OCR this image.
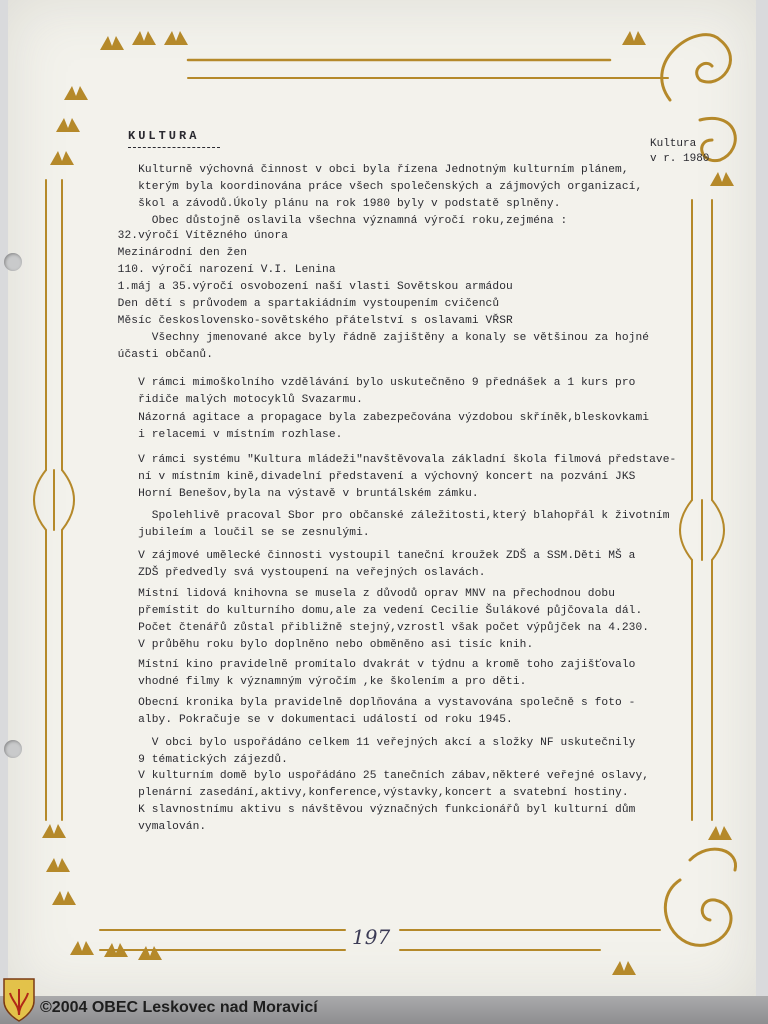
KULTURA

Kultura

v r. 1980

Kulturně výchovná činnost v obci byla řízena Jednotným kulturním plánem,

kterým byla koordinována práce všech společenských a zájmových organizací,

škol a závodů.Úkoly plánu na rok 1980 byly v podstatě splněny.

Obec důstojně oslavila všechna významná výročí roku,zejména :

32.výročí Vítězného února

Mezinárodní den žen

110. výročí narození V.I. Lenina

1.máj a 35.výročí osvobození naší vlasti Sovětskou armádou

Den dětí s průvodem a spartakiádním vystoupením cvičenců

Měsíc československo-sovětského přátelství s oslavami VŘSR

Všechny jmenované akce byly řádně zajištěny a konaly se většinou za hojné

účasti občanů.

V rámci mimoškolního vzdělávání bylo uskutečněno 9 přednášek a 1 kurs pro

řidiče malých motocyklů Svazarmu.

Názorná agitace a propagace byla zabezpečována výzdobou skříněk,bleskovkami

i relacemi v místním rozhlase.

V rámci systému "Kultura mládeži"navštěvovala základní škola filmová představe-

ní v místním kině,divadelní představení a výchovný koncert na pozvání JKS

Horní Benešov,byla na výstavě v bruntálském zámku.

Spolehlivě pracoval Sbor pro občanské záležitosti,který blahopřál k životním

jubileím a loučil se se zesnulými.

V zájmové umělecké činnosti vystoupil taneční kroužek ZDŠ a SSM.Děti MŠ a

ZDŠ předvedly svá vystoupení na veřejných oslavách.

Místní lidová knihovna se musela z důvodů oprav MNV na přechodnou dobu

přemístit do kulturního domu,ale za vedení Cecilie Šulákové půjčovala dál.

Počet čtenářů zůstal přibližně stejný,vzrostl však počet výpůjček na 4.230.

V průběhu roku bylo doplněno nebo obměněno asi tisíc knih.

Místní kino pravidelně promítalo dvakrát v týdnu a kromě toho zajišťovalo

vhodné filmy k významným výročím ,ke školením a pro děti.

Obecní kronika byla pravidelně doplňována a vystavována společně s foto -

alby. Pokračuje se v dokumentaci událostí od roku 1945.

V obci bylo uspořádáno celkem 11 veřejných akcí a složky NF uskutečnily

9 tématických zájezdů.

V kulturním domě bylo uspořádáno 25 tanečních zábav,některé veřejné oslavy,

plenární zasedání,aktivy,konference,výstavky,koncert a svatební hostiny.

K slavnostnímu aktivu s návštěvou význačných funkcionářů byl kulturní dům

vymalován.

197
©2004 OBEC Leskovec nad Moravicí
